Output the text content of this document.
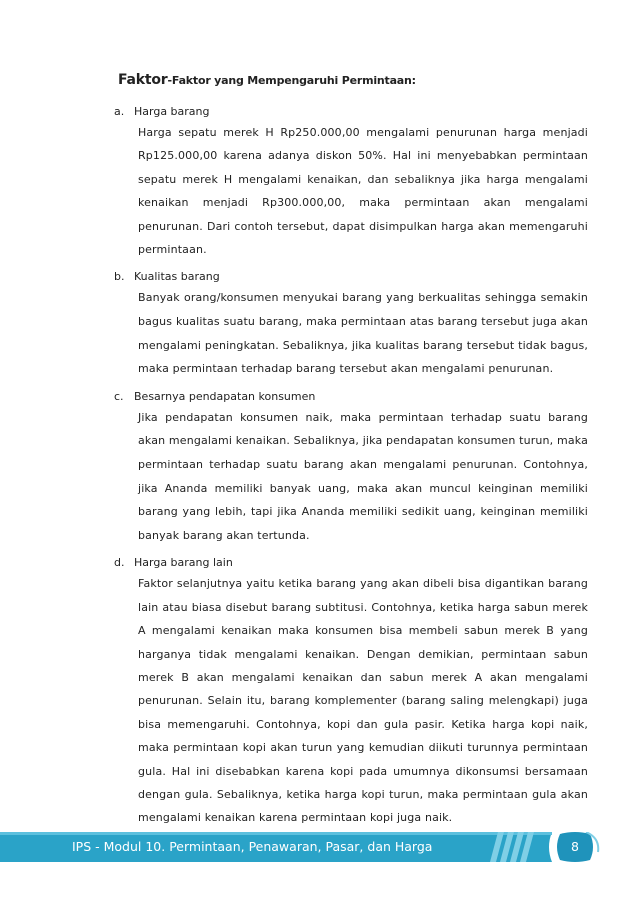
Faktor-Faktor yang Mempengaruhi Permintaan:
a. Harga barang
Harga sepatu merek H Rp250.000,00 mengalami penurunan harga menjadi Rp125.000,00 karena adanya diskon 50%. Hal ini menyebabkan permintaan sepatu merek H mengalami kenaikan, dan sebaliknya jika harga mengalami kenaikan menjadi Rp300.000,00, maka permintaan akan mengalami penurunan. Dari contoh tersebut, dapat disimpulkan harga akan memengaruhi permintaan.
b. Kualitas barang
Banyak orang/konsumen menyukai barang yang berkualitas sehingga semakin bagus kualitas suatu barang, maka permintaan atas barang tersebut juga akan mengalami peningkatan. Sebaliknya, jika kualitas barang tersebut tidak bagus, maka permintaan terhadap barang tersebut akan mengalami penurunan.
c. Besarnya pendapatan konsumen
Jika pendapatan konsumen naik, maka permintaan terhadap suatu barang akan mengalami kenaikan. Sebaliknya, jika pendapatan konsumen turun, maka permintaan terhadap suatu barang akan mengalami penurunan. Contohnya, jika Ananda memiliki banyak uang, maka akan muncul keinginan memiliki barang yang lebih, tapi jika Ananda memiliki sedikit uang, keinginan memiliki banyak barang akan tertunda.
d. Harga barang lain
Faktor selanjutnya yaitu ketika barang yang akan dibeli bisa digantikan barang lain atau biasa disebut barang subtitusi. Contohnya, ketika harga sabun merek A mengalami kenaikan maka konsumen bisa membeli sabun merek B yang harganya tidak mengalami kenaikan. Dengan demikian, permintaan sabun merek B akan mengalami kenaikan dan sabun merek A akan mengalami penurunan. Selain itu, barang komplementer (barang saling melengkapi) juga bisa memengaruhi. Contohnya, kopi dan gula pasir. Ketika harga kopi naik, maka permintaan kopi akan turun yang kemudian diikuti turunnya permintaan gula. Hal ini disebabkan karena kopi pada umumnya dikonsumsi bersamaan dengan gula. Sebaliknya, ketika harga kopi turun, maka permintaan gula akan mengalami kenaikan karena permintaan kopi juga naik.
IPS - Modul 10. Permintaan, Penawaran, Pasar, dan Harga	8
